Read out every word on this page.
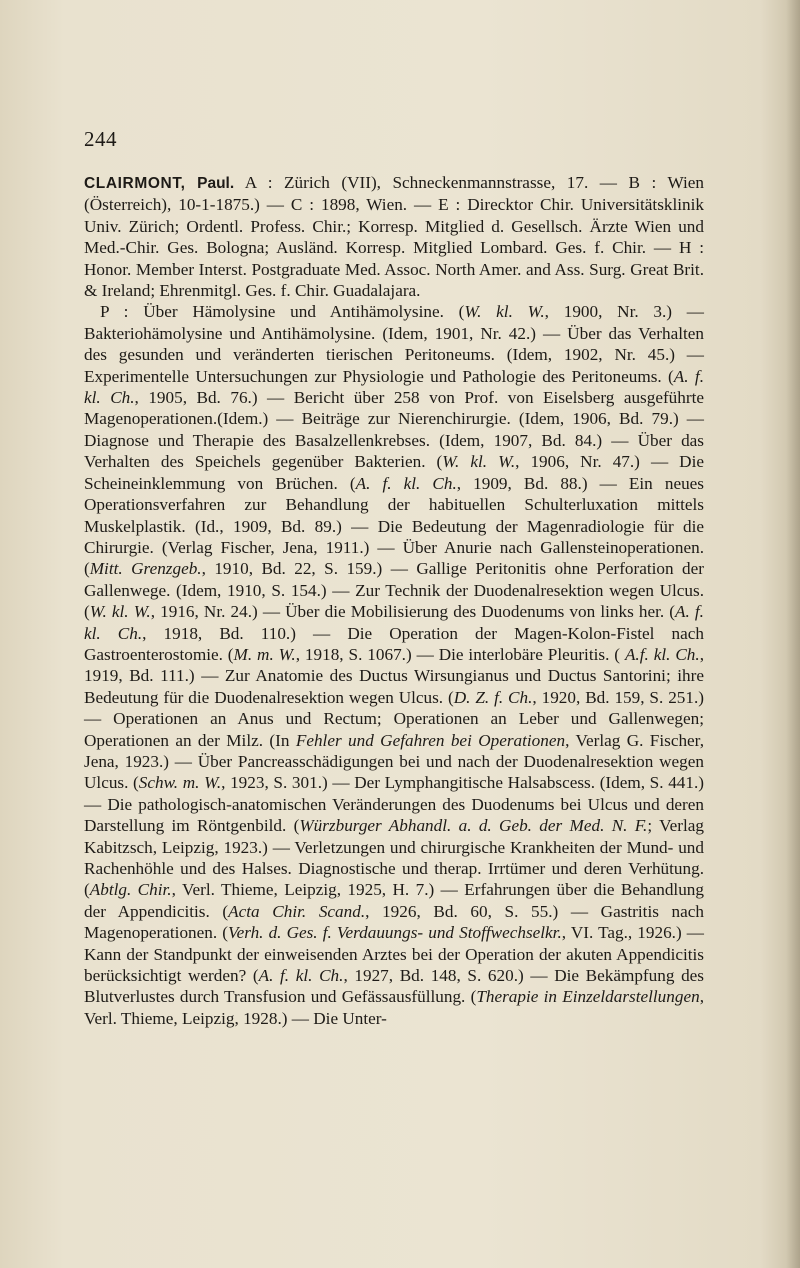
244

CLAIRMONT, Paul. A : Zürich (VII), Schneckenmannstrasse, 17. — B : Wien (Österreich), 10-1-1875.) — C : 1898, Wien. — E : Direcktor Chir. Universitätsklinik Univ. Zürich; Ordentl. Profess. Chir.; Korresp. Mitglied d. Gesellsch. Ärzte Wien und Med.-Chir. Ges. Bologna; Ausländ. Korresp. Mitglied Lombard. Ges. f. Chir. — H : Honor. Member Interst. Postgraduate Med. Assoc. North Amer. and Ass. Surg. Great Brit. & Ireland; Ehrenmitgl. Ges. f. Chir. Guadalajara.

P : Über Hämolysine und Antihämolysine. (W. kl. W., 1900, Nr. 3.) — Bakteriohämolysine und Antihämolysine. (Idem, 1901, Nr. 42.) — Über das Verhalten des gesunden und veränderten tierischen Peritoneums. (Idem, 1902, Nr. 45.) — Experimentelle Untersuchungen zur Physiologie und Pathologie des Peritoneums. (A. f. kl. Ch., 1905, Bd. 76.) — Bericht über 258 von Prof. von Eiselsberg ausgeführte Magenoperationen.(Idem.) — Beiträge zur Nierenchirurgie. (Idem, 1906, Bd. 79.) — Diagnose und Therapie des Basalzellenkrebses. (Idem, 1907, Bd. 84.) — Über das Verhalten des Speichels gegenüber Bakterien. (W. kl. W., 1906, Nr. 47.) — Die Scheineinklemmung von Brüchen. (A. f. kl. Ch., 1909, Bd. 88.) — Ein neues Operationsverfahren zur Behandlung der habituellen Schulterluxation mittels Muskelplastik. (Id., 1909, Bd. 89.) — Die Bedeutung der Magenradiologie für die Chirurgie. (Verlag Fischer, Jena, 1911.) — Über Anurie nach Gallensteinoperationen. (Mitt. Grenzgeb., 1910, Bd. 22, S. 159.) — Gallige Peritonitis ohne Perforation der Gallenwege. (Idem, 1910, S. 154.) — Zur Technik der Duodenalresektion wegen Ulcus. (W. kl. W., 1916, Nr. 24.) — Über die Mobilisierung des Duodenums von links her. (A. f. kl. Ch., 1918, Bd. 110.) — Die Operation der Magen-Kolon-Fistel nach Gastroenterostomie. (M. m. W., 1918, S. 1067.) — Die interlobäre Pleuritis. ( A.f. kl. Ch., 1919, Bd. 111.) — Zur Anatomie des Ductus Wirsungianus und Ductus Santorini; ihre Bedeutung für die Duodenalresektion wegen Ulcus. (D. Z. f. Ch., 1920, Bd. 159, S. 251.) — Operationen an Anus und Rectum; Operationen an Leber und Gallenwegen; Operationen an der Milz. (In Fehler und Gefahren bei Operationen, Verlag G. Fischer, Jena, 1923.) — Über Pancreasschädigungen bei und nach der Duodenalresektion wegen Ulcus. (Schw. m. W., 1923, S. 301.) — Der Lymphangitische Halsabscess. (Idem, S. 441.) — Die pathologisch-anatomischen Veränderungen des Duodenums bei Ulcus und deren Darstellung im Röntgenbild. (Würzburger Abhandl. a. d. Geb. der Med. N. F.; Verlag Kabitzsch, Leipzig, 1923.) — Verletzungen und chirurgische Krankheiten der Mund- und Rachenhöhle und des Halses. Diagnostische und therap. Irrtümer und deren Verhütung. (Abtlg. Chir., Verl. Thieme, Leipzig, 1925, H. 7.) — Erfahrungen über die Behandlung der Appendicitis. (Acta Chir. Scand., 1926, Bd. 60, S. 55.) — Gastritis nach Magenoperationen. (Verh. d. Ges. f. Verdauungs- und Stoffwechselkr., VI. Tag., 1926.) — Kann der Standpunkt der einweisenden Arztes bei der Operation der akuten Appendicitis berücksichtigt werden? (A. f. kl. Ch., 1927, Bd. 148, S. 620.) — Die Bekämpfung des Blutverlustes durch Transfusion und Gefässausfüllung. (Therapie in Einzeldarstellungen, Verl. Thieme, Leipzig, 1928.) — Die Unter-
